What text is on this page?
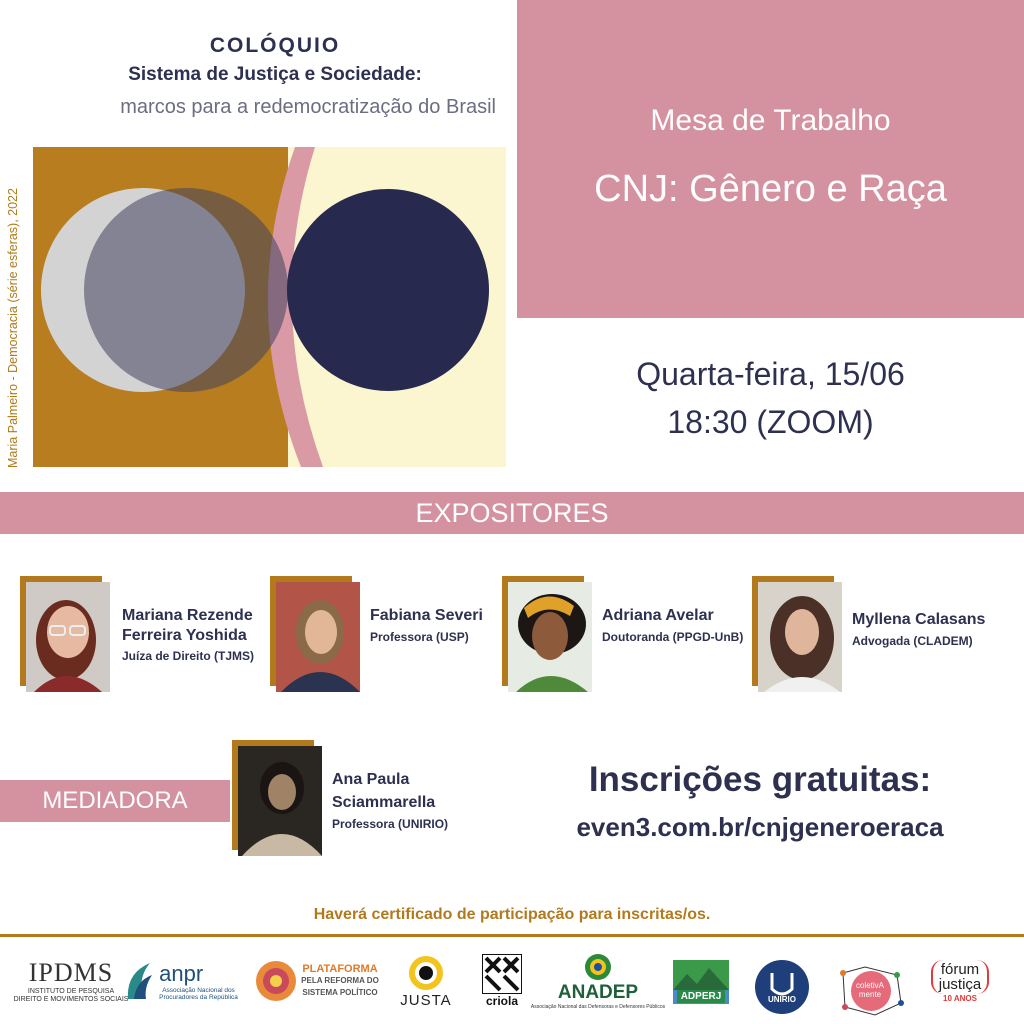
COLÓQUIO
Sistema de Justiça e Sociedade:
marcos para a redemocratização do Brasil
Maria Palmeiro - Democracia (série esferas), 2022
Mesa de Trabalho
CNJ: Gênero e Raça
Quarta-feira, 15/06
18:30 (ZOOM)
EXPOSITORES
Mariana Rezende
Ferreira Yoshida
Juíza de Direito (TJMS)
Fabiana Severi
Professora (USP)
Adriana Avelar
Doutoranda (PPGD-UnB)
Myllena Calasans
Advogada (CLADEM)
MEDIADORA
Ana Paula
Sciammarella
Professora (UNIRIO)
Inscrições gratuitas:
even3.com.br/cnjgeneroeraca
Haverá certificado de participação para inscritas/os.
IPDMS
INSTITUTO DE PESQUISA
DIREITO E MOVIMENTOS SOCIAIS
anpr
Associação Nacional dos
Procuradores da República
PLATAFORMA
PELA REFORMA DO
SISTEMA POLÍTICO JUSTA	criola ANADEP
Associação Nacional das Defensoras e Defensores Públicos
ADPERJ	UNIRIO
coletivA mente
fórum
justiça
10 ANOS
